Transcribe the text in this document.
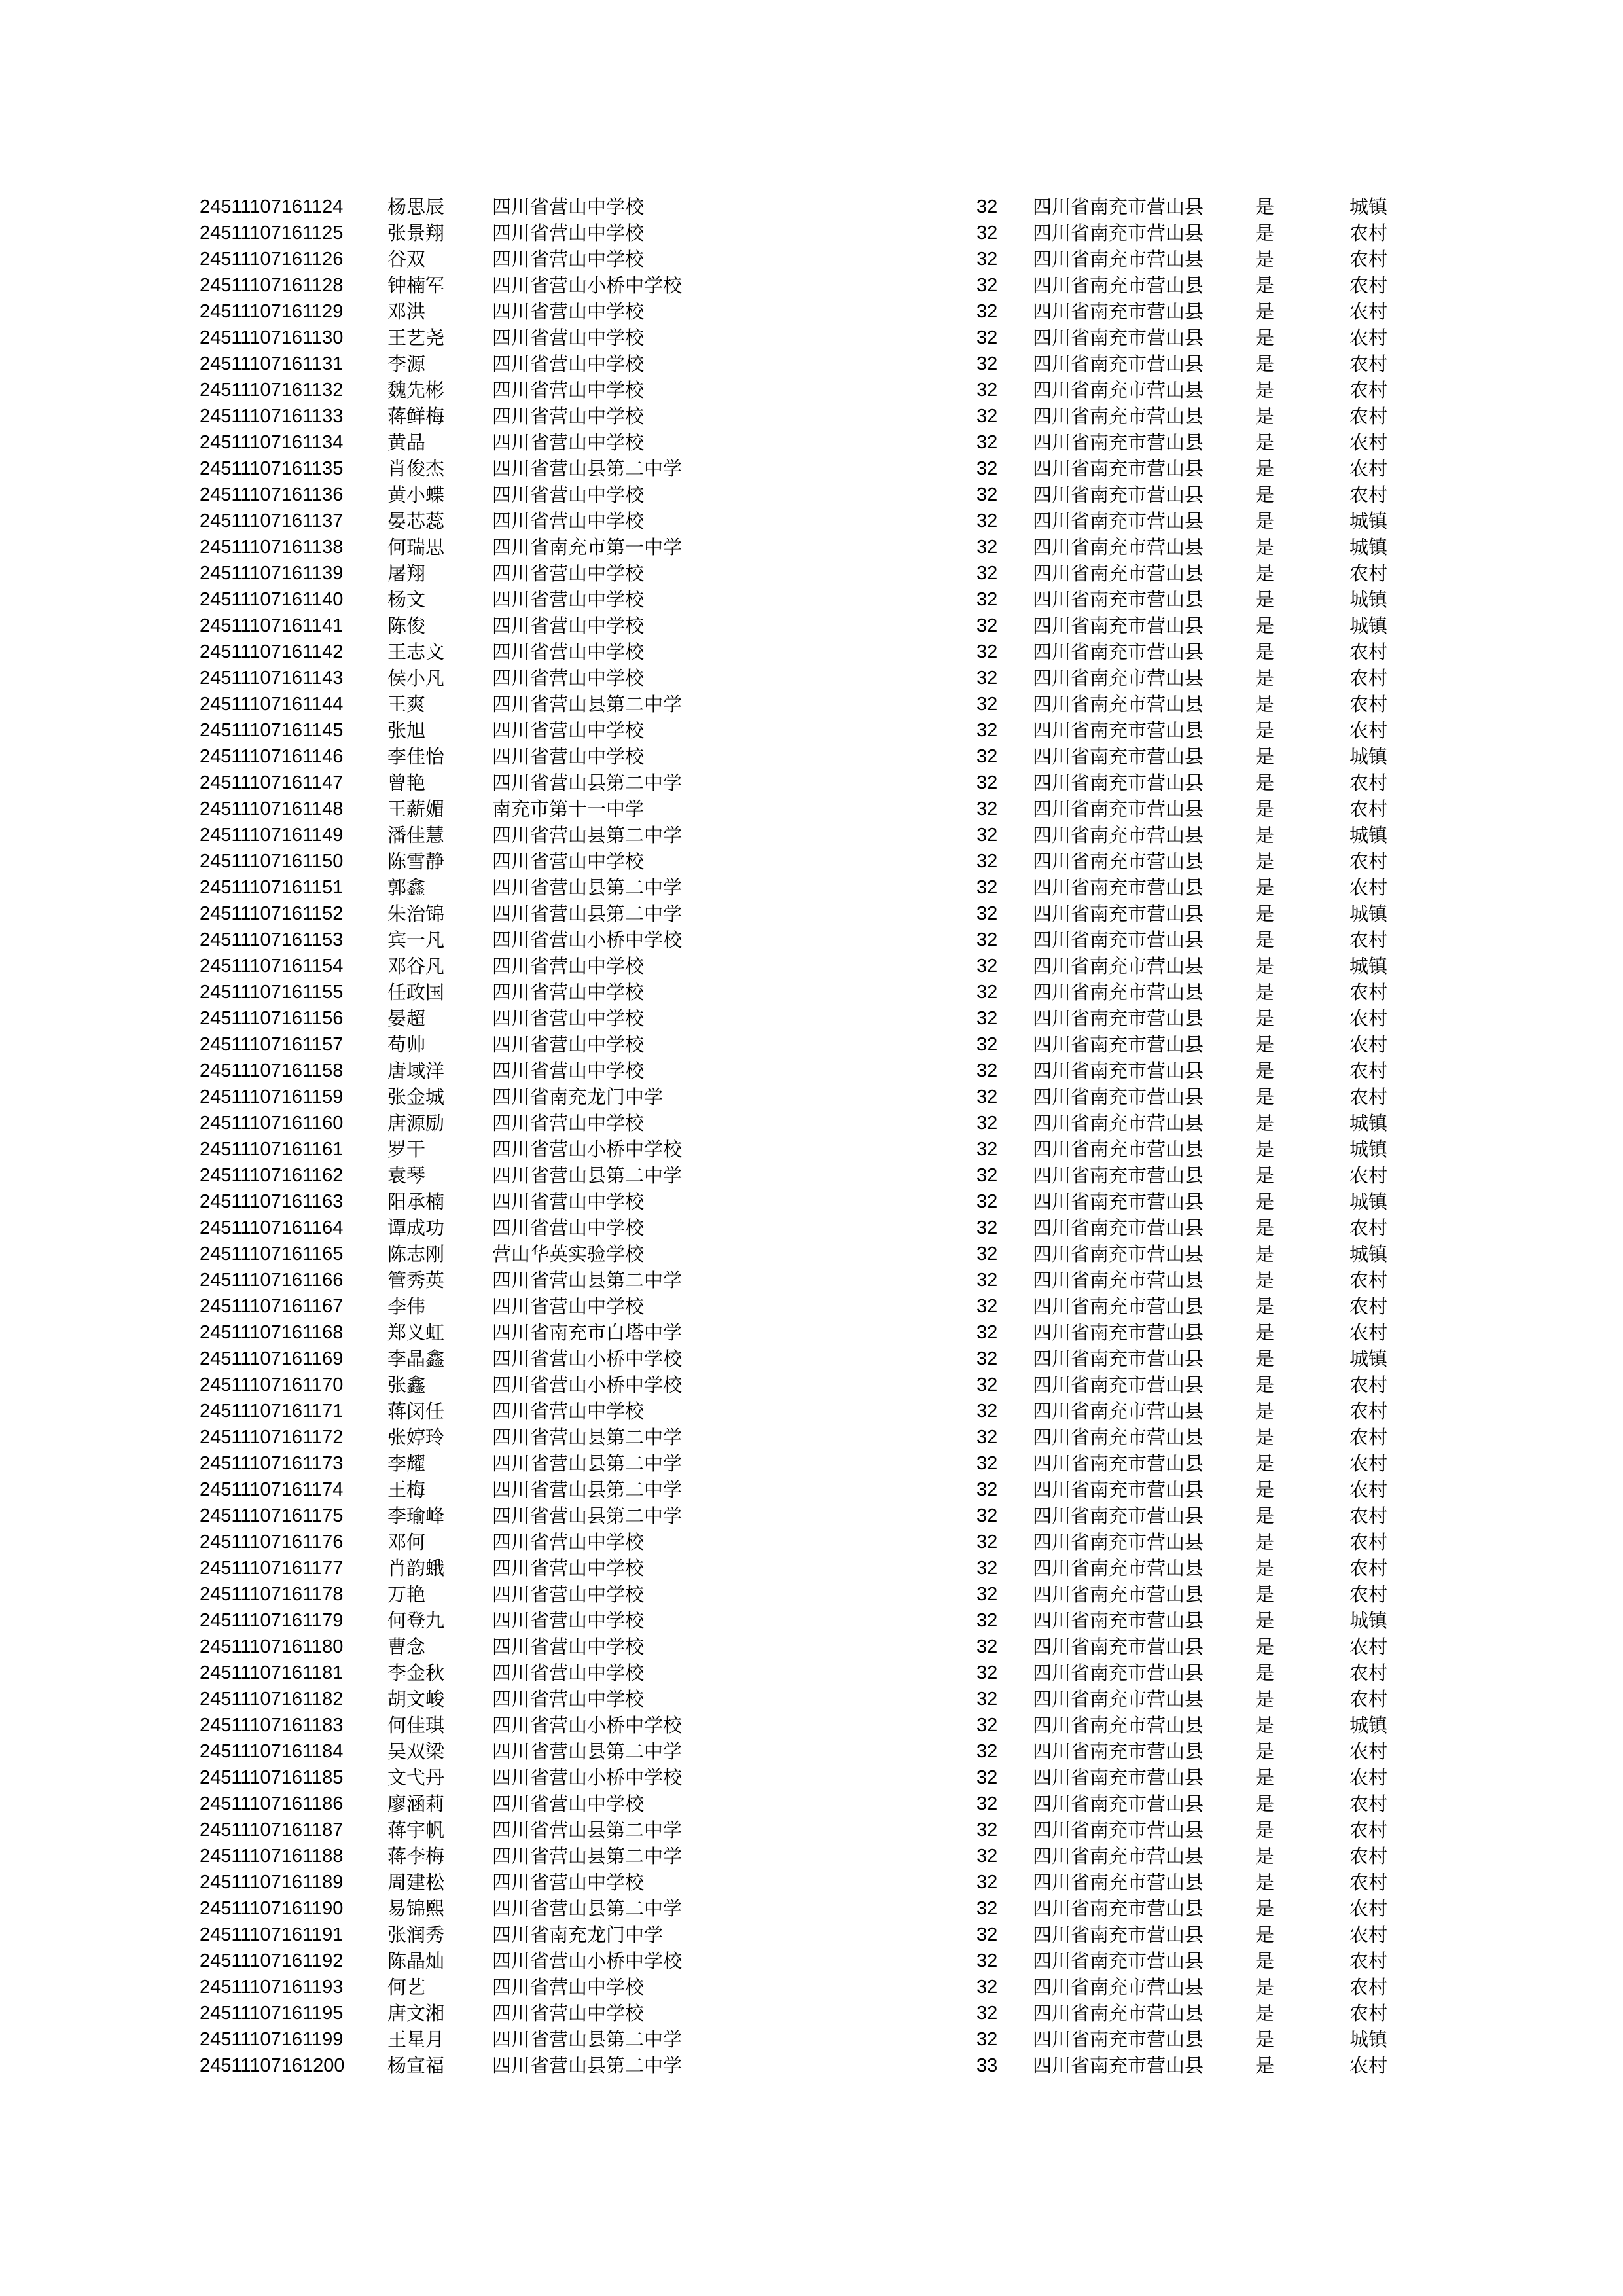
24511107161124 杨思辰	四川省营山中学校	32 四川省南充市营山县	是	城镇
24511107161125 张景翔	四川省营山中学校	32 四川省南充市营山县	是	农村
24511107161126 谷双	四川省营山中学校	32 四川省南充市营山县	是	农村
24511107161128 钟楠军	四川省营山小桥中学校	32 四川省南充市营山县	是	农村
24511107161129 邓洪	四川省营山中学校	32 四川省南充市营山县	是	农村
24511107161130 王艺尧	四川省营山中学校	32 四川省南充市营山县	是	农村
24511107161131 李源	四川省营山中学校	32 四川省南充市营山县	是	农村
24511107161132 魏先彬	四川省营山中学校	32 四川省南充市营山县	是	农村
24511107161133 蒋鲜梅	四川省营山中学校	32 四川省南充市营山县	是	农村
24511107161134 黄晶	四川省营山中学校	32 四川省南充市营山县	是	农村
24511107161135 肖俊杰	四川省营山县第二中学	32 四川省南充市营山县	是	农村
24511107161136 黄小蝶	四川省营山中学校	32 四川省南充市营山县	是	农村
24511107161137 晏芯蕊	四川省营山中学校	32 四川省南充市营山县	是	城镇
24511107161138 何瑞思	四川省南充市第一中学	32 四川省南充市营山县	是	城镇
24511107161139 屠翔	四川省营山中学校	32 四川省南充市营山县	是	农村
24511107161140 杨文	四川省营山中学校	32 四川省南充市营山县	是	城镇
24511107161141 陈俊	四川省营山中学校	32 四川省南充市营山县	是	城镇
24511107161142 王志文	四川省营山中学校	32 四川省南充市营山县	是	农村
24511107161143 侯小凡	四川省营山中学校	32 四川省南充市营山县	是	农村
24511107161144 王爽	四川省营山县第二中学	32 四川省南充市营山县	是	农村
24511107161145 张旭	四川省营山中学校	32 四川省南充市营山县	是	农村
24511107161146 李佳怡	四川省营山中学校	32 四川省南充市营山县	是	城镇
24511107161147 曾艳	四川省营山县第二中学	32 四川省南充市营山县	是	农村
24511107161148 王薪媚	南充市第十一中学	32 四川省南充市营山县	是	农村
24511107161149 潘佳慧	四川省营山县第二中学	32 四川省南充市营山县	是	城镇
24511107161150 陈雪静	四川省营山中学校	32 四川省南充市营山县	是	农村
24511107161151 郭鑫	四川省营山县第二中学	32 四川省南充市营山县	是	农村
24511107161152 朱治锦	四川省营山县第二中学	32 四川省南充市营山县	是	城镇
24511107161153 宾一凡	四川省营山小桥中学校	32 四川省南充市营山县	是	农村
24511107161154 邓谷凡	四川省营山中学校	32 四川省南充市营山县	是	城镇
24511107161155 任政国	四川省营山中学校	32 四川省南充市营山县	是	农村
24511107161156 晏超	四川省营山中学校	32 四川省南充市营山县	是	农村
24511107161157 苟帅	四川省营山中学校	32 四川省南充市营山县	是	农村
24511107161158 唐域洋	四川省营山中学校	32 四川省南充市营山县	是	农村
24511107161159 张金城	四川省南充龙门中学	32 四川省南充市营山县	是	农村
24511107161160 唐源励	四川省营山中学校	32 四川省南充市营山县	是	城镇
24511107161161 罗干	四川省营山小桥中学校	32 四川省南充市营山县	是	城镇
24511107161162 袁琴	四川省营山县第二中学	32 四川省南充市营山县	是	农村
24511107161163 阳承楠	四川省营山中学校	32 四川省南充市营山县	是	城镇
24511107161164 谭成功	四川省营山中学校	32 四川省南充市营山县	是	农村
24511107161165 陈志刚	营山华英实验学校	32 四川省南充市营山县	是	城镇
24511107161166 管秀英	四川省营山县第二中学	32 四川省南充市营山县	是	农村
24511107161167 李伟	四川省营山中学校	32 四川省南充市营山县	是	农村
24511107161168 郑义虹	四川省南充市白塔中学	32 四川省南充市营山县	是	农村
24511107161169 李晶鑫	四川省营山小桥中学校	32 四川省南充市营山县	是	城镇
24511107161170 张鑫	四川省营山小桥中学校	32 四川省南充市营山县	是	农村
24511107161171 蒋闵任	四川省营山中学校	32 四川省南充市营山县	是	农村
24511107161172 张婷玲	四川省营山县第二中学	32 四川省南充市营山县	是	农村
24511107161173 李耀	四川省营山县第二中学	32 四川省南充市营山县	是	农村
24511107161174 王梅	四川省营山县第二中学	32 四川省南充市营山县	是	农村
24511107161175 李瑜峰	四川省营山县第二中学	32 四川省南充市营山县	是	农村
24511107161176 邓何	四川省营山中学校	32 四川省南充市营山县	是	农村
24511107161177 肖韵蛾	四川省营山中学校	32 四川省南充市营山县	是	农村
24511107161178 万艳	四川省营山中学校	32 四川省南充市营山县	是	农村
24511107161179 何登九	四川省营山中学校	32 四川省南充市营山县	是	城镇
24511107161180 曹念	四川省营山中学校	32 四川省南充市营山县	是	农村
24511107161181 李金秋	四川省营山中学校	32 四川省南充市营山县	是	农村
24511107161182 胡文峻	四川省营山中学校	32 四川省南充市营山县	是	农村
24511107161183 何佳琪	四川省营山小桥中学校	32 四川省南充市营山县	是	城镇
24511107161184 吴双梁	四川省营山县第二中学	32 四川省南充市营山县	是	农村
24511107161185 文弋丹	四川省营山小桥中学校	32 四川省南充市营山县	是	农村
24511107161186 廖涵莉	四川省营山中学校	32 四川省南充市营山县	是	农村
24511107161187 蒋宇帆	四川省营山县第二中学	32 四川省南充市营山县	是	农村
24511107161188 蒋李梅	四川省营山县第二中学	32 四川省南充市营山县	是	农村
24511107161189 周建松	四川省营山中学校	32 四川省南充市营山县	是	农村
24511107161190 易锦熙	四川省营山县第二中学	32 四川省南充市营山县	是	农村
24511107161191 张润秀	四川省南充龙门中学	32 四川省南充市营山县	是	农村
24511107161192 陈晶灿	四川省营山小桥中学校	32 四川省南充市营山县	是	农村
24511107161193 何艺	四川省营山中学校	32 四川省南充市营山县	是	农村
24511107161195 唐文湘	四川省营山中学校	32 四川省南充市营山县	是	农村
24511107161199 王星月	四川省营山县第二中学	32 四川省南充市营山县	是	城镇
24511107161200 杨宣福	四川省营山县第二中学	33 四川省南充市营山县	是	农村
